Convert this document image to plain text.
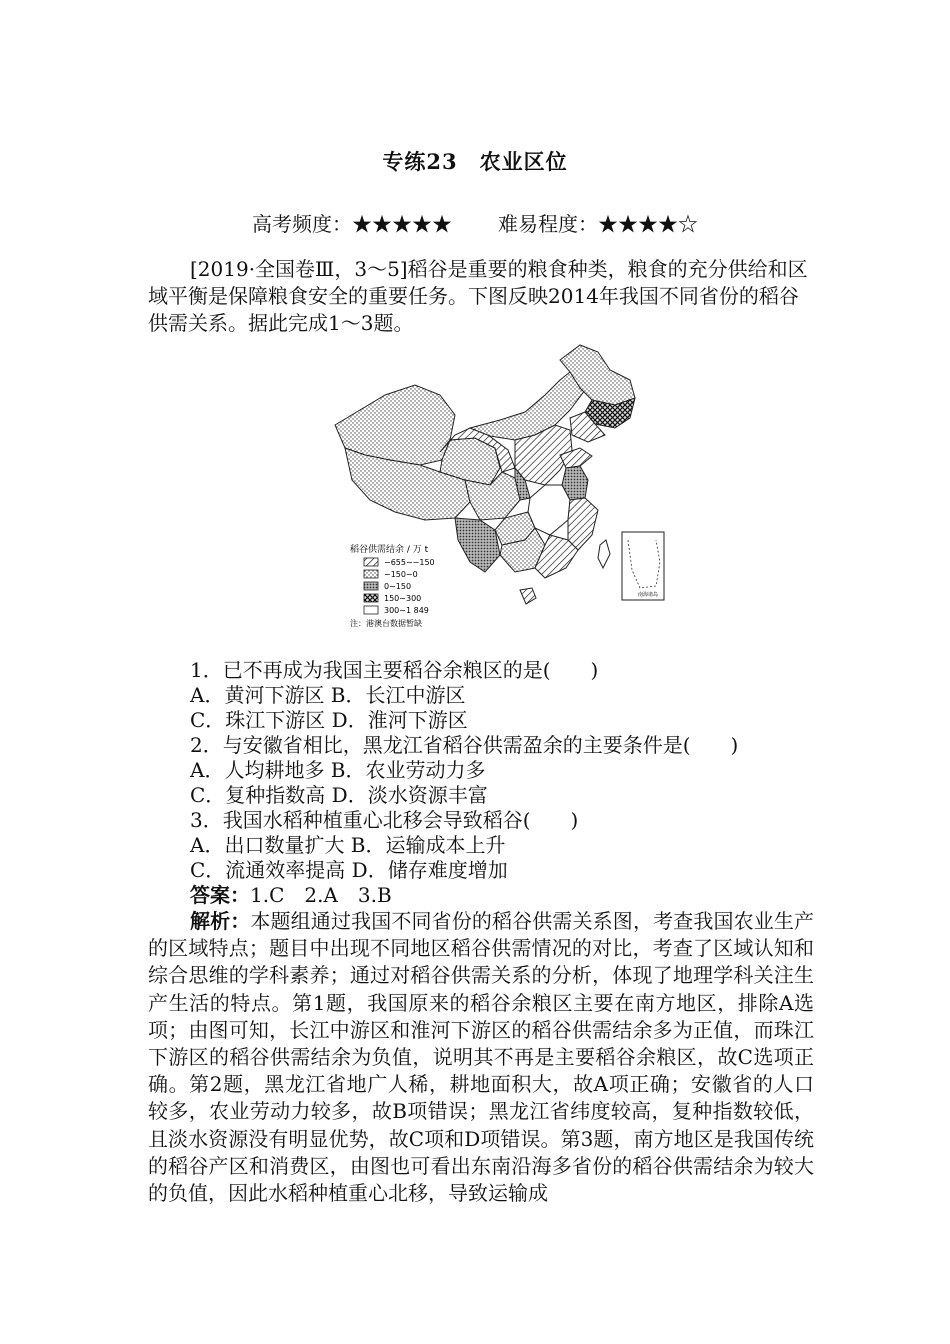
专练23　农业区位
高考频度：★★★★★ 难易程度：★★★★☆
[2019·全国卷Ⅲ，3～5]稻谷是重要的粮食种类，粮食的充分供给和区域平衡是保障粮食安全的重要任务。下图反映2014年我国不同省份的稻谷供需关系。据此完成1～3题。
南海诸岛
稻谷供需结余 / 万 t
−655∼−150
−150∼0
0∼150
150∼300
300∼1 849
注：港澳台数据暂缺
1．已不再成为我国主要稻谷余粮区的是(　　)
A．黄河下游区 B．长江中游区
C．珠江下游区 D．淮河下游区
2．与安徽省相比，黑龙江省稻谷供需盈余的主要条件是(　　)
A．人均耕地多 B．农业劳动力多
C．复种指数高 D．淡水资源丰富
3．我国水稻种植重心北移会导致稻谷(　　)
A．出口数量扩大 B．运输成本上升
C．流通效率提高 D．储存难度增加
答案：1.C　2.A　3.B
解析：本题组通过我国不同省份的稻谷供需关系图，考查我国农业生产的区域特点；题目中出现不同地区稻谷供需情况的对比，考查了区域认知和综合思维的学科素养；通过对稻谷供需关系的分析，体现了地理学科关注生产生活的特点。第1题，我国原来的稻谷余粮区主要在南方地区，排除A选项；由图可知，长江中游区和淮河下游区的稻谷供需结余多为正值，而珠江下游区的稻谷供需结余为负值，说明其不再是主要稻谷余粮区，故C选项正确。第2题，黑龙江省地广人稀，耕地面积大，故A项正确；安徽省的人口较多，农业劳动力较多，故B项错误；黑龙江省纬度较高，复种指数较低，且淡水资源没有明显优势，故C项和D项错误。第3题，南方地区是我国传统的稻谷产区和消费区，由图也可看出东南沿海多省份的稻谷供需结余为较大的负值，因此水稻种植重心北移，导致运输成
